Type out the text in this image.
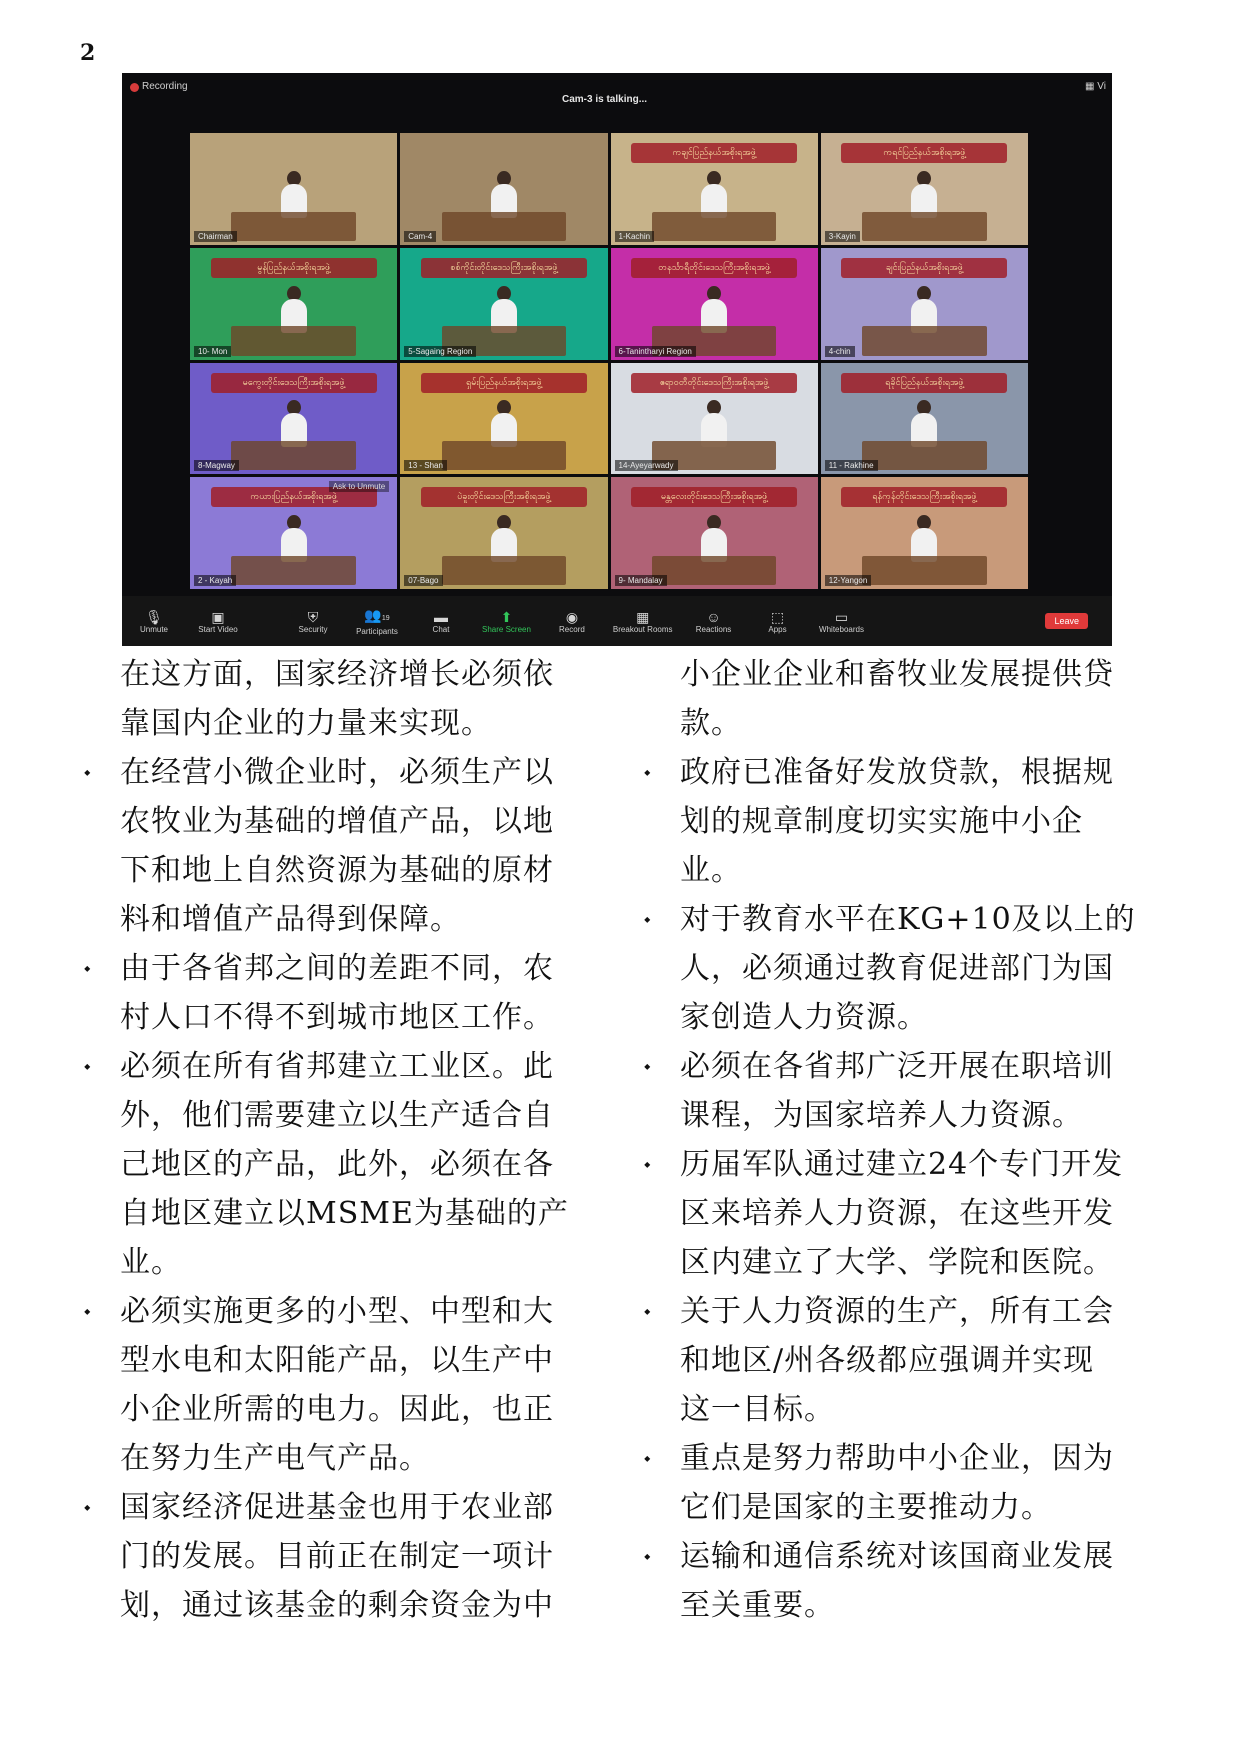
2
Recording
Cam-3 is talking...
▦ Vi
Chairman	Cam-4
ကချင်ပြည်နယ်အစိုးရအဖွဲ့
1-Kachin
ကရင်ပြည်နယ်အစိုးရအဖွဲ့
3-Kayin
မွန်ပြည်နယ်အစိုးရအဖွဲ့
10- Mon
စစ်ကိုင်းတိုင်းဒေသကြီးအစိုးရအဖွဲ့
5-Sagaing Region
တနင်္သာရီတိုင်းဒေသကြီးအစိုးရအဖွဲ့
6-Tanintharyi Region
ချင်းပြည်နယ်အစိုးရအဖွဲ့
4-chin
မကွေးတိုင်းဒေသကြီးအစိုးရအဖွဲ့
8-Magway
ရှမ်းပြည်နယ်အစိုးရအဖွဲ့
13 - Shan
ဧရာဝတီတိုင်းဒေသကြီးအစိုးရအဖွဲ့
14-Ayeyarwady
ရခိုင်ပြည်နယ်အစိုးရအဖွဲ့
11 - Rakhine
ကယားပြည်နယ်အစိုးရအဖွဲ့
Ask to Unmute
2 - Kayah
ပဲခူးတိုင်းဒေသကြီးအစိုးရအဖွဲ့
07-Bago
မန္တလေးတိုင်းဒေသကြီးအစိုးရအဖွဲ့
9- Mandalay
ရန်ကုန်တိုင်းဒေသကြီးအစိုးရအဖွဲ့
12-Yangon
🎙
Unmute
▣
Start Video
⛨
Security
👥19
Participants
▬
Chat
⬆
Share Screen
◉
Record
▦
Breakout Rooms
☺
Reactions
⬚
Apps
▭
Whiteboards
Leave
在这方面，国家经济增长必须依
靠国内企业的力量来实现。
⬩ 在经营小微企业时，必须生产以
农牧业为基础的增值产品，以地
下和地上自然资源为基础的原材
料和增值产品得到保障。
⬩ 由于各省邦之间的差距不同，农
村人口不得不到城市地区工作。
⬩ 必须在所有省邦建立工业区。此
外，他们需要建立以生产适合自
己地区的产品，此外，必须在各
自地区建立以MSME为基础的产
业。
⬩ 必须实施更多的小型、中型和大
型水电和太阳能产品，以生产中
小企业所需的电力。因此，也正
在努力生产电气产品。
⬩ 国家经济促进基金也用于农业部
门的发展。目前正在制定一项计
划，通过该基金的剩余资金为中
小企业企业和畜牧业发展提供贷
款。
⬩ 政府已准备好发放贷款，根据规
划的规章制度切实实施中小企
业。
⬩ 对于教育水平在KG+10及以上的
人，必须通过教育促进部门为国
家创造人力资源。
⬩ 必须在各省邦广泛开展在职培训
课程，为国家培养人力资源。
⬩ 历届军队通过建立24个专门开发
区来培养人力资源，在这些开发
区内建立了大学、学院和医院。
⬩ 关于人力资源的生产，所有工会
和地区/州各级都应强调并实现
这一目标。
⬩ 重点是努力帮助中小企业，因为
它们是国家的主要推动力。
⬩ 运输和通信系统对该国商业发展
至关重要。
